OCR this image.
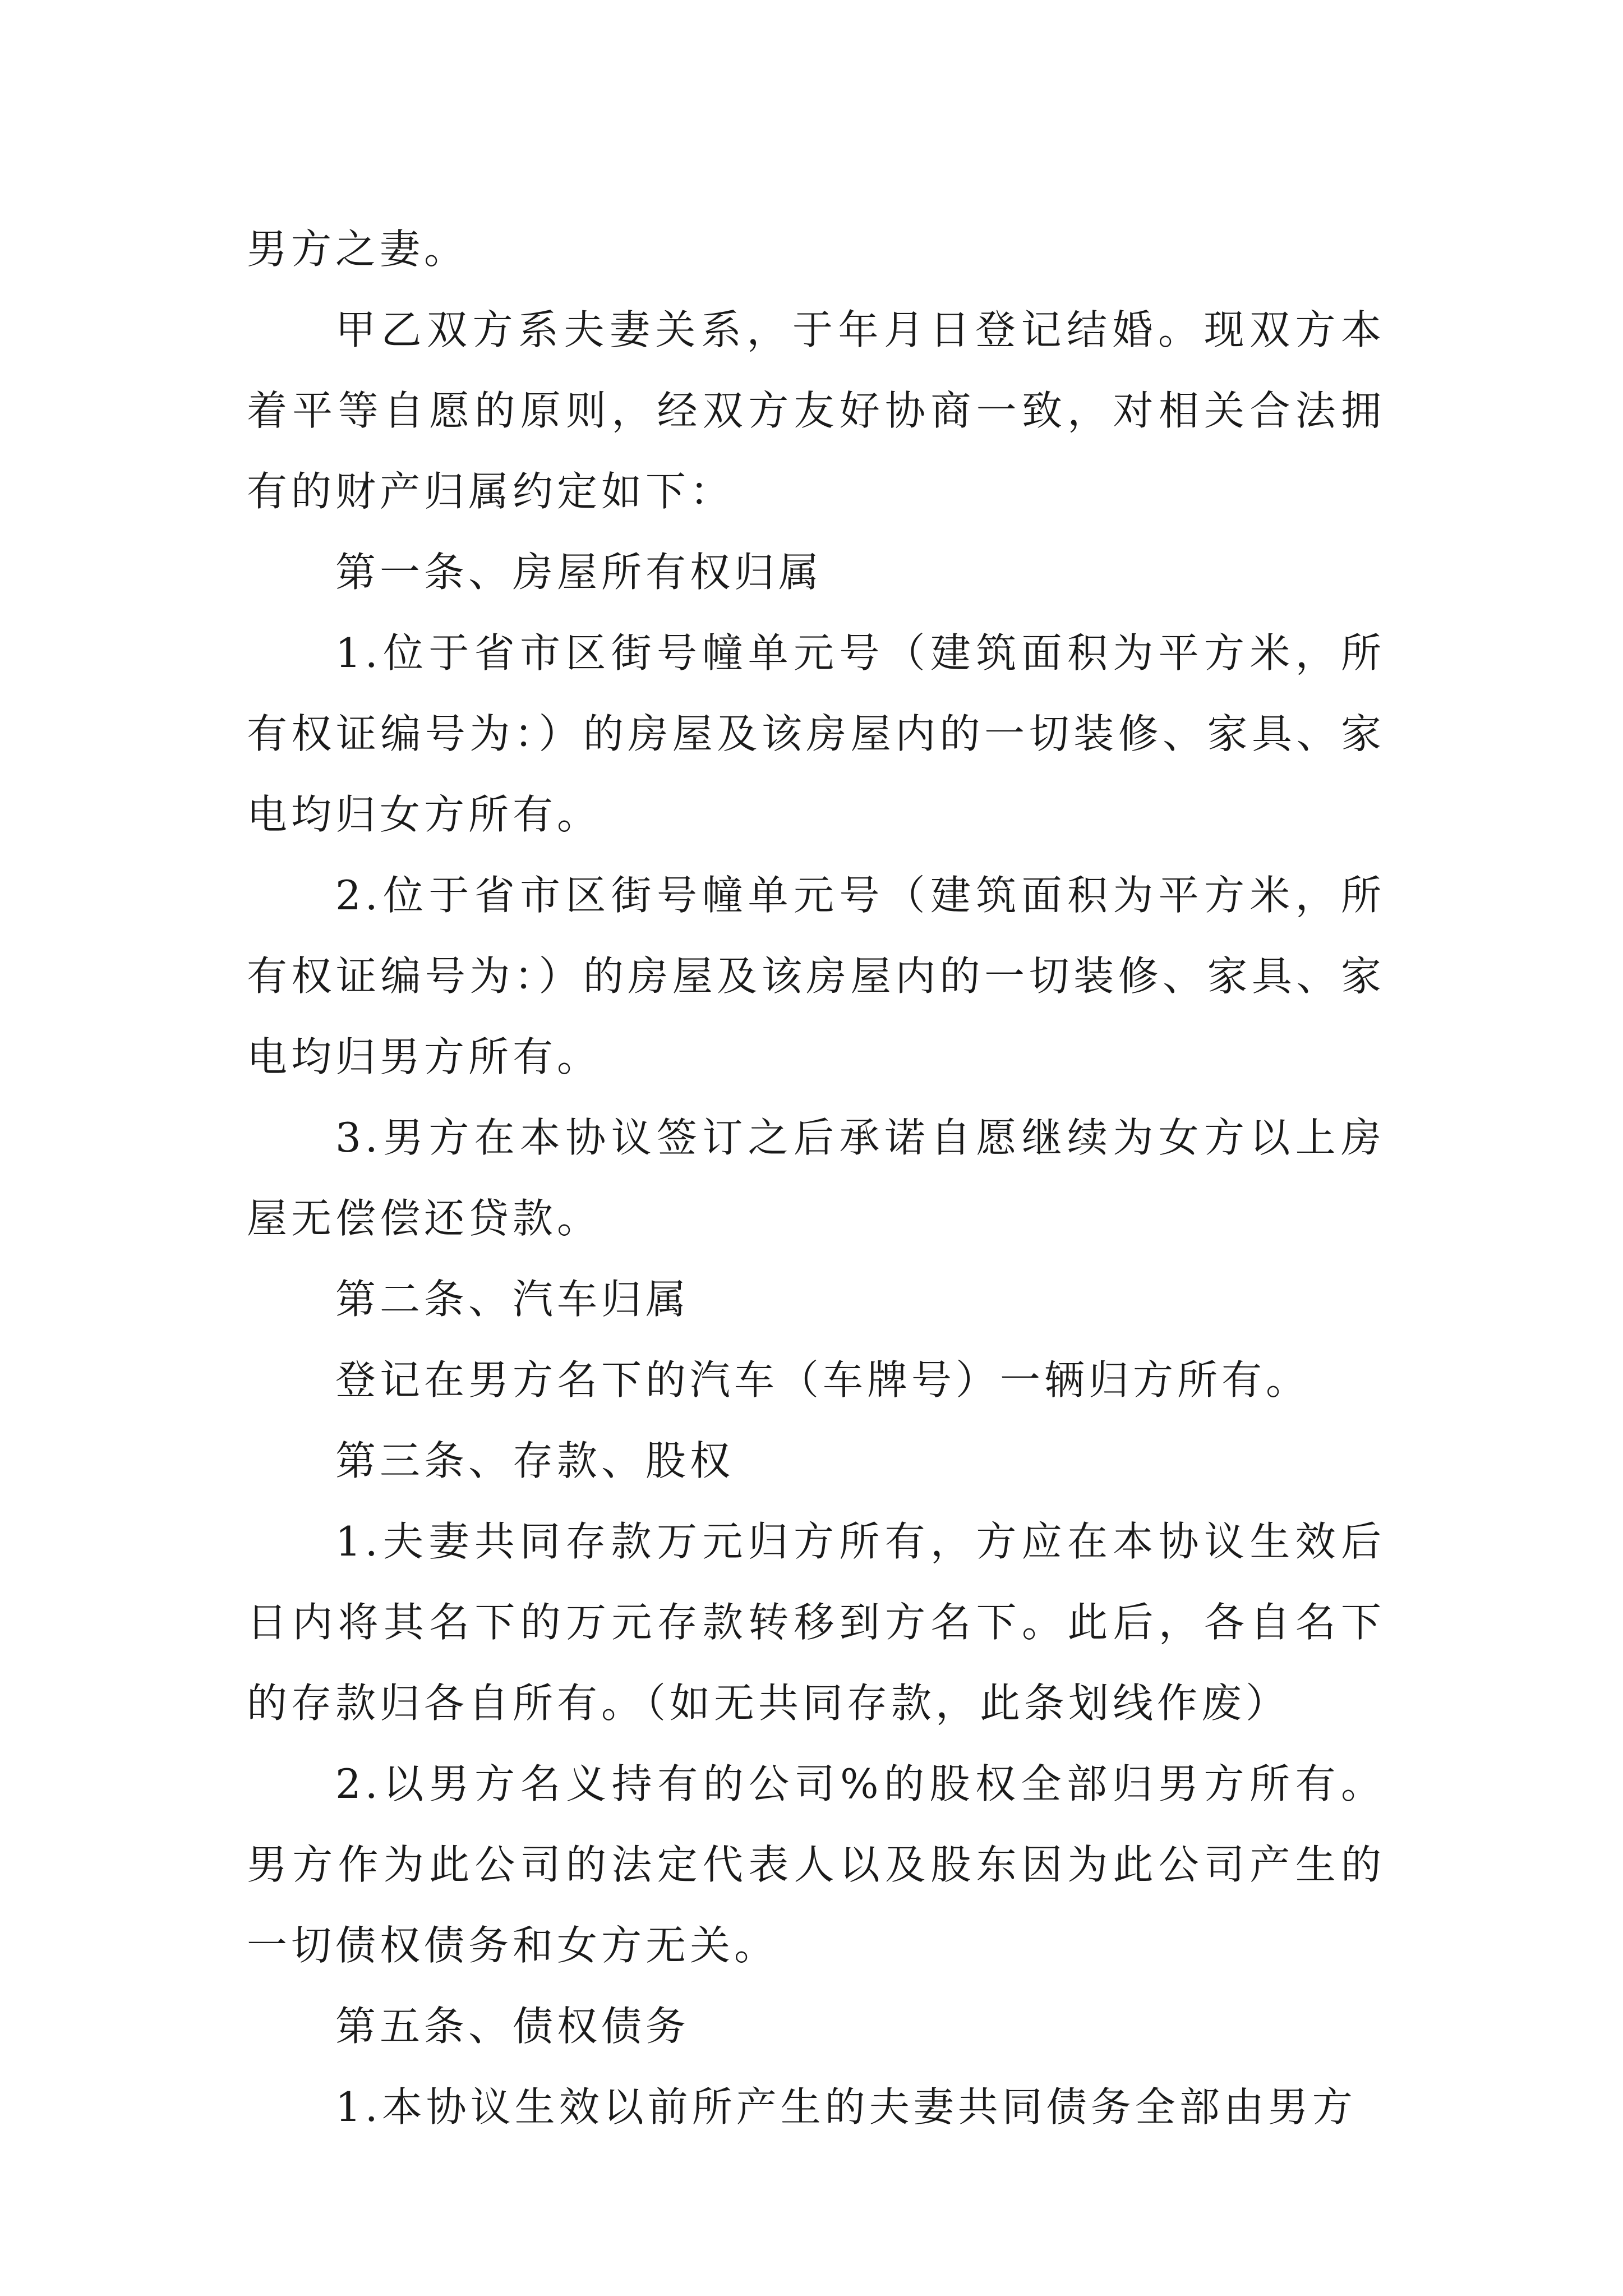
男方之妻。

甲乙双方系夫妻关系，于年月日登记结婚。现双方本着平等自愿的原则，经双方友好协商一致，对相关合法拥有的财产归属约定如下：

第一条、房屋所有权归属

1.位于省市区街号幢单元号（建筑面积为平方米，所有权证编号为：）的房屋及该房屋内的一切装修、家具、家电均归女方所有。

2.位于省市区街号幢单元号（建筑面积为平方米，所有权证编号为：）的房屋及该房屋内的一切装修、家具、家电均归男方所有。

3.男方在本协议签订之后承诺自愿继续为女方以上房屋无偿偿还贷款。

第二条、汽车归属

登记在男方名下的汽车（车牌号）一辆归方所有。

第三条、存款、股权

1.夫妻共同存款万元归方所有，方应在本协议生效后日内将其名下的万元存款转移到方名下。此后，各自名下的存款归各自所有。（如无共同存款，此条划线作废）

2.以男方名义持有的公司%的股权全部归男方所有。男方作为此公司的法定代表人以及股东因为此公司产生的一切债权债务和女方无关。

第五条、债权债务

1.本协议生效以前所产生的夫妻共同债务全部由男方
